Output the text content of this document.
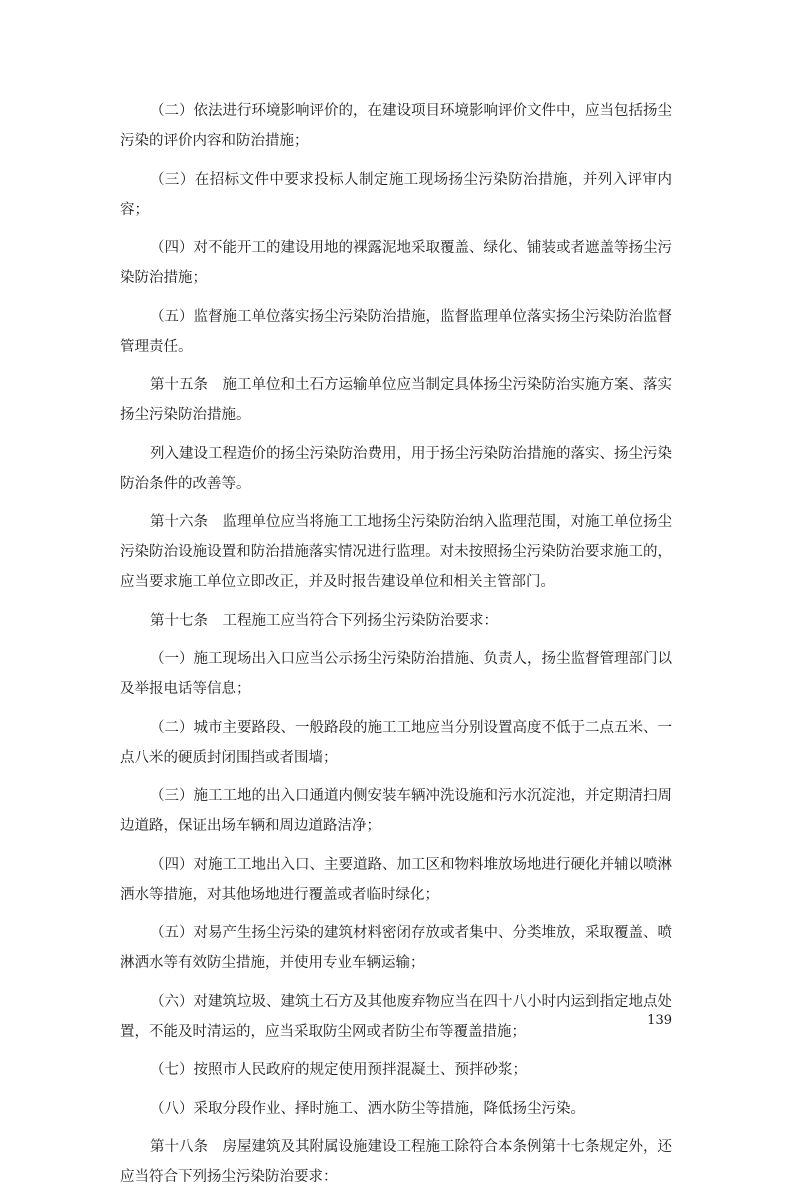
（二）依法进行环境影响评价的，在建设项目环境影响评价文件中，应当包括扬尘污染的评价内容和防治措施；

（三）在招标文件中要求投标人制定施工现场扬尘污染防治措施，并列入评审内容；

（四）对不能开工的建设用地的裸露泥地采取覆盖、绿化、铺装或者遮盖等扬尘污染防治措施；

（五）监督施工单位落实扬尘污染防治措施，监督监理单位落实扬尘污染防治监督管理责任。

第十五条　施工单位和土石方运输单位应当制定具体扬尘污染防治实施方案、落实扬尘污染防治措施。

列入建设工程造价的扬尘污染防治费用，用于扬尘污染防治措施的落实、扬尘污染防治条件的改善等。

第十六条　监理单位应当将施工工地扬尘污染防治纳入监理范围，对施工单位扬尘污染防治设施设置和防治措施落实情况进行监理。对未按照扬尘污染防治要求施工的，应当要求施工单位立即改正，并及时报告建设单位和相关主管部门。

第十七条　工程施工应当符合下列扬尘污染防治要求：

（一）施工现场出入口应当公示扬尘污染防治措施、负责人，扬尘监督管理部门以及举报电话等信息；

（二）城市主要路段、一般路段的施工工地应当分别设置高度不低于二点五米、一点八米的硬质封闭围挡或者围墙；

（三）施工工地的出入口通道内侧安装车辆冲洗设施和污水沉淀池，并定期清扫周边道路，保证出场车辆和周边道路洁净；

（四）对施工工地出入口、主要道路、加工区和物料堆放场地进行硬化并辅以喷淋洒水等措施，对其他场地进行覆盖或者临时绿化；

（五）对易产生扬尘污染的建筑材料密闭存放或者集中、分类堆放，采取覆盖、喷淋洒水等有效防尘措施，并使用专业车辆运输；

（六）对建筑垃圾、建筑土石方及其他废弃物应当在四十八小时内运到指定地点处置，不能及时清运的，应当采取防尘网或者防尘布等覆盖措施；

（七）按照市人民政府的规定使用预拌混凝土、预拌砂浆；

（八）采取分段作业、择时施工、洒水防尘等措施，降低扬尘污染。

第十八条　房屋建筑及其附属设施建设工程施工除符合本条例第十七条规定外，还应当符合下列扬尘污染防治要求：

139
